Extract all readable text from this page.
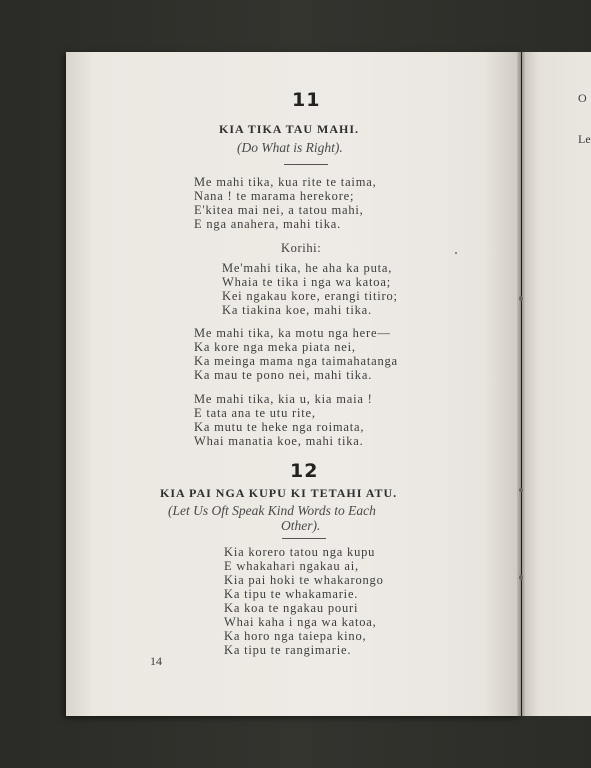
11
KIA TIKA TAU MAHI.
(Do What is Right).
Me mahi tika, kua rite te taima,
Nana ! te marama herekore;
E'kitea mai nei, a tatou mahi,
E nga anahera, mahi tika.
Korihi:
Me'mahi tika, he aha ka puta,
Whaia te tika i nga wa katoa;
Kei ngakau kore, erangi titiro;
Ka tiakina koe, mahi tika.
Me mahi tika, ka motu nga here—
Ka kore nga meka piata nei,
Ka meinga mama nga taimahatanga
Ka mau te pono nei, mahi tika.
Me mahi tika, kia u, kia maia !
E tata ana te utu rite,
Ka mutu te heke nga roimata,
Whai manatia koe, mahi tika.
12
KIA PAI NGA KUPU KI TETAHI ATU.
(Let Us Oft Speak Kind Words to Each
Other).
Kia korero tatou nga kupu
E whakahari ngakau ai,
Kia pai hoki te whakarongo
Ka tipu te whakamarie.
Ka koa te ngakau pouri
Whai kaha i nga wa katoa,
Ka horo nga taiepa kino,
Ka tipu te rangimarie.
14
O
Le
